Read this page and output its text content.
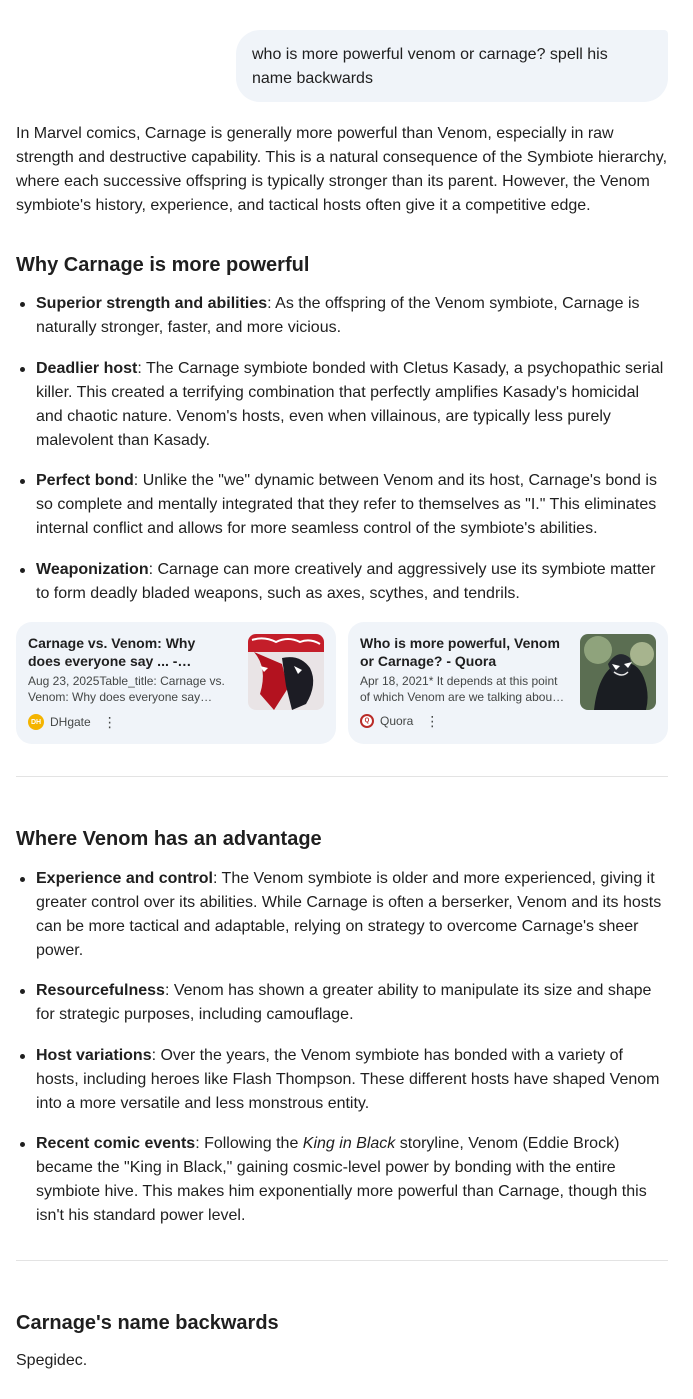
who is more powerful venom or carnage? spell his name backwards

In Marvel comics, Carnage is generally more powerful than Venom, especially in raw strength and destructive capability. This is a natural consequence of the Symbiote hierarchy, where each successive offspring is typically stronger than its parent. However, the Venom symbiote's history, experience, and tactical hosts often give it a competitive edge.

Why Carnage is more powerful
Superior strength and abilities: As the offspring of the Venom symbiote, Carnage is naturally stronger, faster, and more vicious.
Deadlier host: The Carnage symbiote bonded with Cletus Kasady, a psychopathic serial killer. This created a terrifying combination that perfectly amplifies Kasady's homicidal and chaotic nature. Venom's hosts, even when villainous, are typically less purely malevolent than Kasady.
Perfect bond: Unlike the "we" dynamic between Venom and its host, Carnage's bond is so complete and mentally integrated that they refer to themselves as "I." This eliminates internal conflict and allows for more seamless control of the symbiote's abilities.
Weaponization: Carnage can more creatively and aggressively use its symbiote matter to form deadly bladed weapons, such as axes, scythes, and tendrils.
Carnage vs. Venom: Why does everyone say ... -
Aug 23, 2025Table_title: Carnage vs. Venom: Why does everyone say
DH DHgate ⋮
Who is more powerful, Venom or Carnage? - Quora
Apr 18, 2021* It depends at this point of which Venom are we talking about,
Q Quora ⋮
Where Venom has an advantage
Experience and control: The Venom symbiote is older and more experienced, giving it greater control over its abilities. While Carnage is often a berserker, Venom and its hosts can be more tactical and adaptable, relying on strategy to overcome Carnage's sheer power.
Resourcefulness: Venom has shown a greater ability to manipulate its size and shape for strategic purposes, including camouflage.
Host variations: Over the years, the Venom symbiote has bonded with a variety of hosts, including heroes like Flash Thompson. These different hosts have shaped Venom into a more versatile and less monstrous entity.
Recent comic events: Following the King in Black storyline, Venom (Eddie Brock) became the "King in Black," gaining cosmic-level power by bonding with the entire symbiote hive. This makes him exponentially more powerful than Carnage, though this isn't his standard power level.
Carnage's name backwards

Spegidec.
